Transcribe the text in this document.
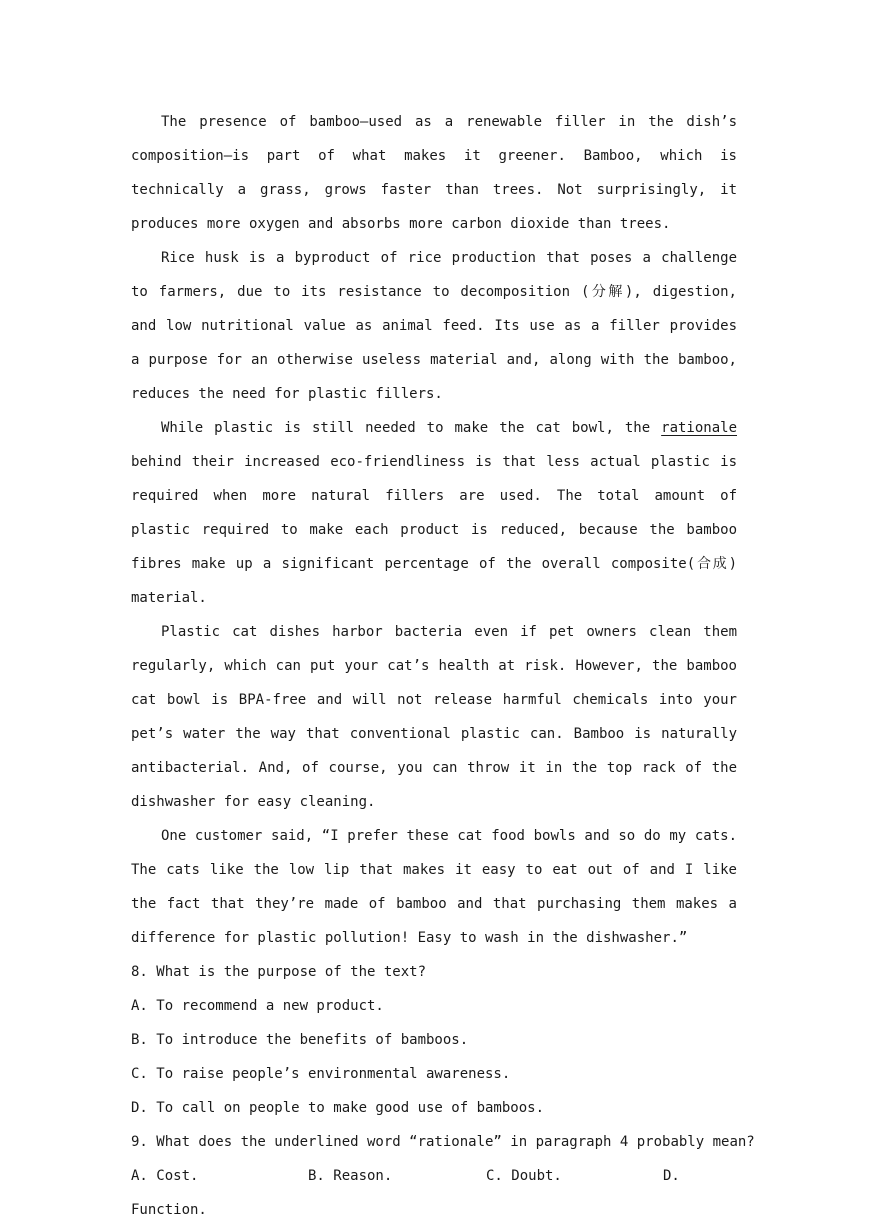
The presence of bamboo—used as a renewable filler in the dish’s composition—is part of what makes it greener. Bamboo, which is technically a grass, grows faster than trees. Not surprisingly, it produces more oxygen and absorbs more carbon dioxide than trees.

Rice husk is a byproduct of rice production that poses a challenge to farmers, due to its resistance to decomposition (分解), digestion, and low nutritional value as animal feed. Its use as a filler provides a purpose for an otherwise useless material and, along with the bamboo, reduces the need for plastic fillers.

While plastic is still needed to make the cat bowl, the rationale behind their increased eco-friendliness is that less actual plastic is required when more natural fillers are used. The total amount of plastic required to make each product is reduced, because the bamboo fibres make up a significant percentage of the overall composite(合成) material.

Plastic cat dishes harbor bacteria even if pet owners clean them regularly, which can put your cat’s health at risk. However, the bamboo cat bowl is BPA-free and will not release harmful chemicals into your pet’s water the way that conventional plastic can. Bamboo is naturally antibacterial. And, of course, you can throw it in the top rack of the dishwasher for easy cleaning.

One customer said, “I prefer these cat food bowls and so do my cats. The cats like the low lip that makes it easy to eat out of and I like the fact that they’re made of bamboo and that purchasing them makes a difference for plastic pollution! Easy to wash in the dishwasher.”

8. What is the purpose of the text?

A. To recommend a new product.

B. To introduce the benefits of bamboos.

C. To raise people’s environmental awareness.

D. To call on people to make good use of bamboos.

9. What does the underlined word “rationale” in paragraph 4 probably mean?

A. Cost.	B. Reason.	C. Doubt.	D.

Function.
